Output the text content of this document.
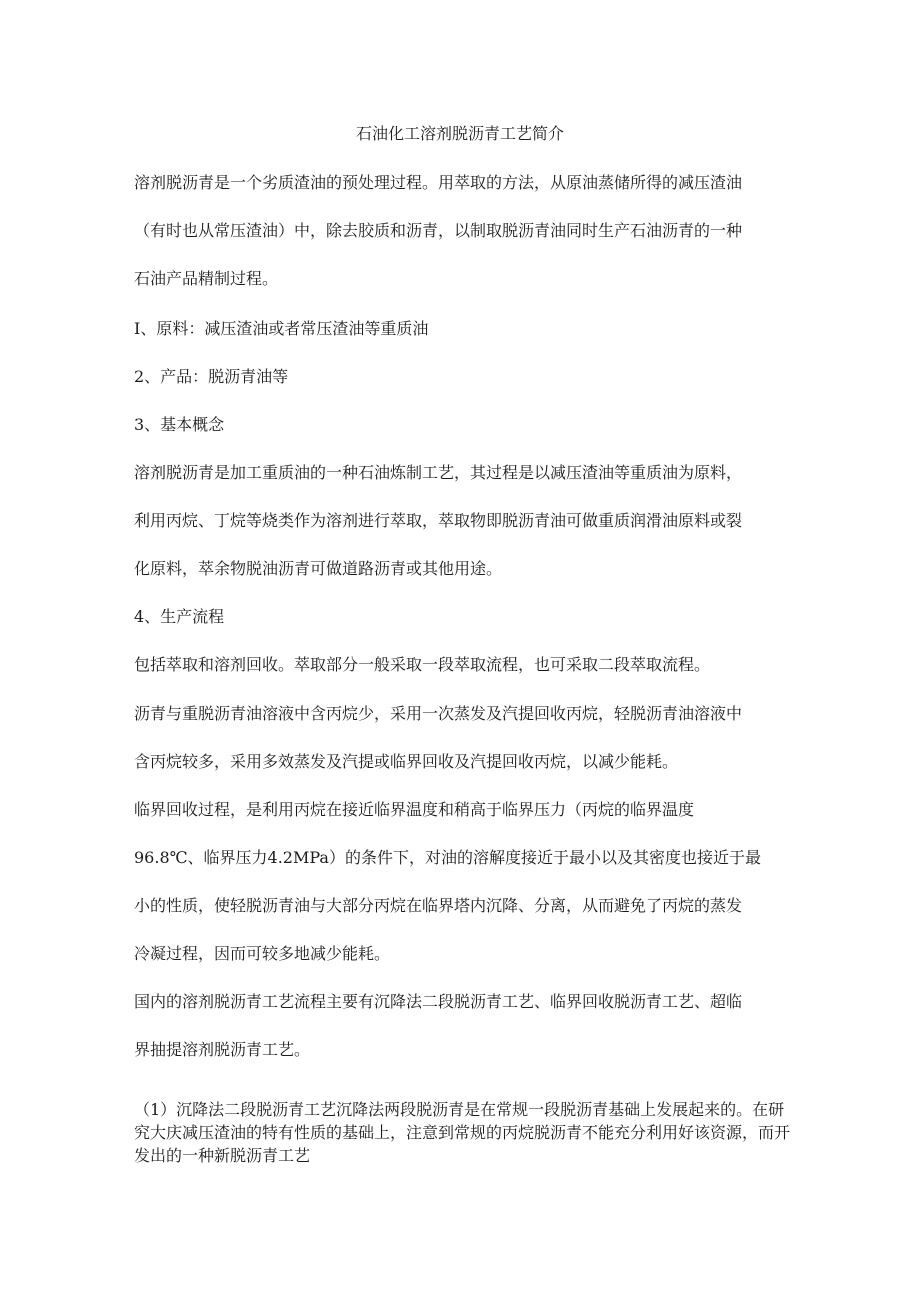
石油化工溶剂脱沥青工艺简介
溶剂脱沥青是一个劣质渣油的预处理过程。用萃取的方法，从原油蒸储所得的减压渣油
（有时也从常压渣油）中，除去胶质和沥青，以制取脱沥青油同时生产石油沥青的一种
石油产品精制过程。
I、原料：减压渣油或者常压渣油等重质油
2、产品：脱沥青油等
3、基本概念
溶剂脱沥青是加工重质油的一种石油炼制工艺，其过程是以减压渣油等重质油为原料，
利用丙烷、丁烷等烧类作为溶剂进行萃取，萃取物即脱沥青油可做重质润滑油原料或裂
化原料，萃余物脱油沥青可做道路沥青或其他用途。
4、生产流程
包括萃取和溶剂回收。萃取部分一般采取一段萃取流程，也可采取二段萃取流程。
沥青与重脱沥青油溶液中含丙烷少，采用一次蒸发及汽提回收丙烷，轻脱沥青油溶液中
含丙烷较多，采用多效蒸发及汽提或临界回收及汽提回收丙烷，以减少能耗。
临界回收过程，是利用丙烷在接近临界温度和稍高于临界压力（丙烷的临界温度
96.8℃、临界压力4.2MPa）的条件下，对油的溶解度接近于最小以及其密度也接近于最
小的性质，使轻脱沥青油与大部分丙烷在临界塔内沉降、分离，从而避免了丙烷的蒸发
冷凝过程，因而可较多地减少能耗。
国内的溶剂脱沥青工艺流程主要有沉降法二段脱沥青工艺、临界回收脱沥青工艺、超临
界抽提溶剂脱沥青工艺。
（1）沉降法二段脱沥青工艺沉降法两段脱沥青是在常规一段脱沥青基础上发展起来的。在研究大庆减压渣油的特有性质的基础上，注意到常规的丙烷脱沥青不能充分利用好该资源，而开发出的一种新脱沥青工艺
